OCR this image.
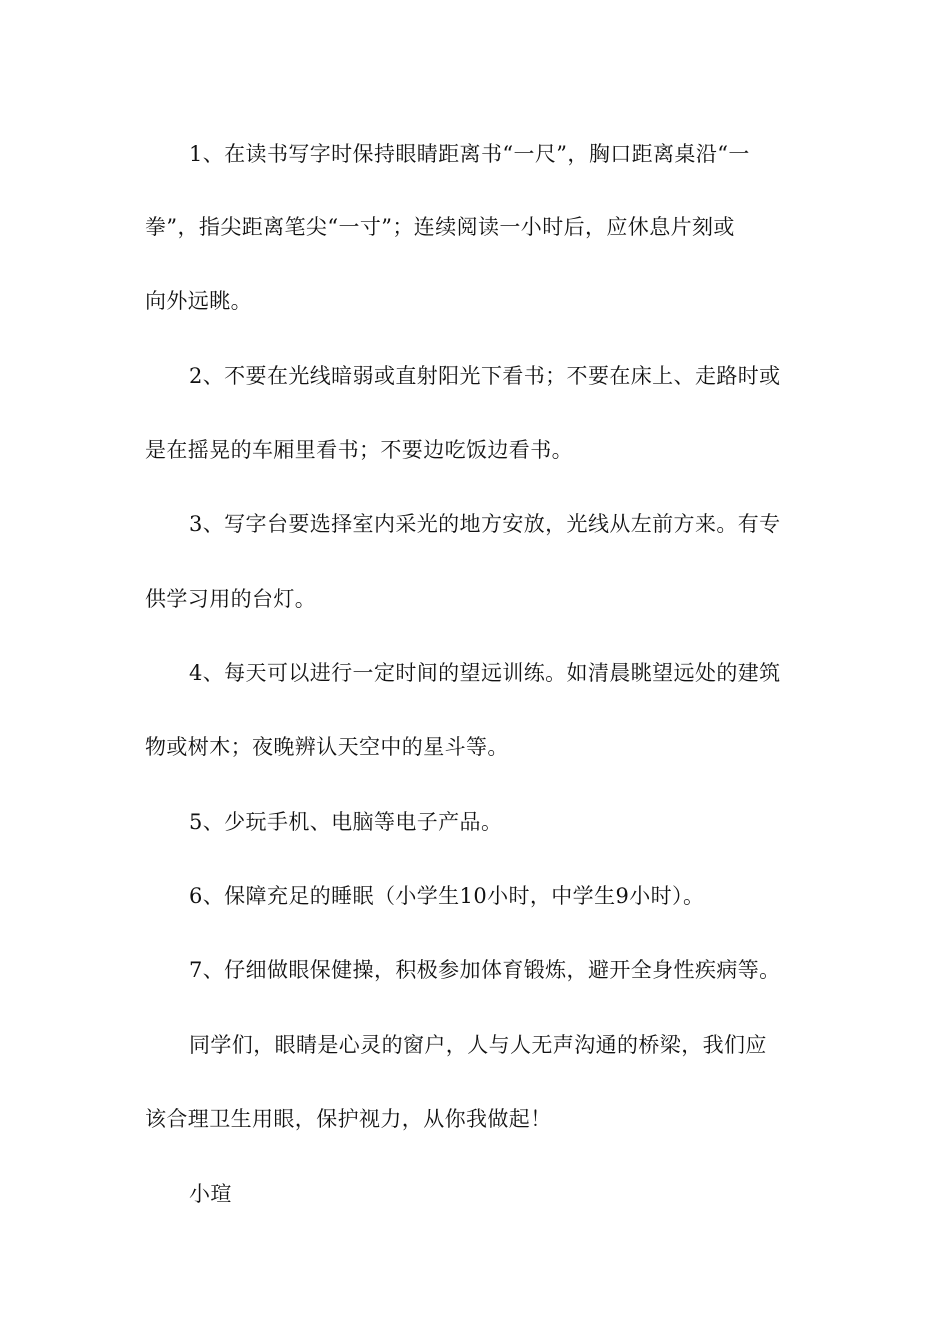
1、在读书写字时保持眼睛距离书“一尺”，胸口距离桌沿“一
拳”，指尖距离笔尖“一寸”；连续阅读一小时后，应休息片刻或
向外远眺。
2、不要在光线暗弱或直射阳光下看书；不要在床上、走路时或
是在摇晃的车厢里看书；不要边吃饭边看书。
3、写字台要选择室内采光的地方安放，光线从左前方来。有专
供学习用的台灯。
4、每天可以进行一定时间的望远训练。如清晨眺望远处的建筑
物或树木；夜晚辨认天空中的星斗等。
5、少玩手机、电脑等电子产品。
6、保障充足的睡眠（小学生10小时，中学生9小时）。
7、仔细做眼保健操，积极参加体育锻炼，避开全身性疾病等。
同学们，眼睛是心灵的窗户，人与人无声沟通的桥梁，我们应
该合理卫生用眼，保护视力，从你我做起！
小瑄
